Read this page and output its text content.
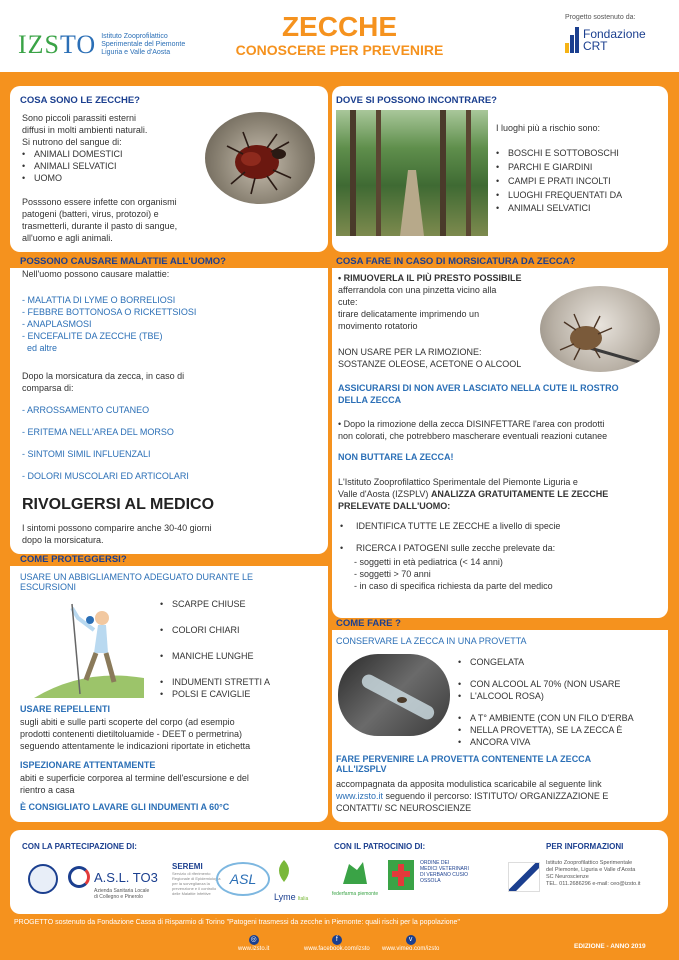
IZSTO Istituto Zooprofilattico
Sperimentale del Piemonte
Liguria e Valle d'Aosta
ZECCHE
CONOSCERE PER PREVENIRE
Progetto sostenuto da:
Fondazione
CRT
COSA SONO LE ZECCHE?
Sono piccoli parassiti esterni
diffusi in molti ambienti naturali.
Si nutrono del sangue di:
• ANIMALI DOMESTICI
• ANIMALI SELVATICI
• UOMO
Posssono essere infette con organismi
patogeni (batteri, virus, protozoi) e
trasmetterli, durante il pasto di sangue,
all'uomo e agli animali.
DOVE SI POSSONO INCONTRARE?
I luoghi più a rischio sono:
• BOSCHI E SOTTOBOSCHI
• PARCHI E GIARDINI
• CAMPI E PRATI INCOLTI
• LUOGHI FREQUENTATI DA
• ANIMALI SELVATICI
POSSONO CAUSARE MALATTIE ALL'UOMO?
Nell'uomo possono causare malattie:
- MALATTIA DI LYME O BORRELIOSI
- FEBBRE BOTTONOSA O RICKETTSIOSI
- ANAPLASMOSI
- ENCEFALITE DA ZECCHE (TBE)
ed altre
Dopo la morsicatura da zecca, in caso di
comparsa di:
- ARROSSAMENTO CUTANEO
- ERITEMA NELL'AREA DEL MORSO
- SINTOMI SIMIL INFLUENZALI
- DOLORI MUSCOLARI ED ARTICOLARI
RIVOLGERSI AL MEDICO
I sintomi possono comparire anche 30-40 giorni
dopo la morsicatura.
COSA FARE IN CASO DI MORSICATURA DA ZECCA?
• RIMUOVERLA IL PIÙ PRESTO POSSIBILE
afferrandola con una pinzetta vicino alla
cute:
tirare delicatamente imprimendo un
movimento rotatorio
NON USARE PER LA RIMOZIONE:
SOSTANZE OLEOSE, ACETONE O ALCOOL
ASSICURARSI DI NON AVER LASCIATO NELLA CUTE IL ROSTRO
DELLA ZECCA
• Dopo la rimozione della zecca DISINFETTARE l'area con prodotti
non colorati, che potrebbero mascherare eventuali reazioni cutanee
NON BUTTARE LA ZECCA!
L'Istituto Zooprofilattico Sperimentale del Piemonte Liguria e
Valle d'Aosta (IZSPLV) ANALIZZA GRATUITAMENTE LE ZECCHE
PRELEVATE DALL'UOMO:
• IDENTIFICA TUTTE LE ZECCHE a livello di specie
• RICERCA I PATOGENI sulle zecche prelevate da:
- soggetti in età pediatrica (< 14 anni)
- soggetti > 70 anni
- in caso di specifica richiesta da parte del medico
COME PROTEGGERSI?
USARE UN ABBIGLIAMENTO ADEGUATO DURANTE LE
ESCURSIONI
• SCARPE CHIUSE
• COLORI CHIARI
• MANICHE LUNGHE
• INDUMENTI STRETTI A
• POLSI E CAVIGLIE
USARE REPELLENTI
sugli abiti e sulle parti scoperte del corpo (ad esempio
prodotti contenenti dietiltoluamide - DEET o permetrina)
seguendo attentamente le indicazioni riportate in etichetta
ISPEZIONARE ATTENTAMENTE
abiti e superficie corporea al termine dell'escursione e del
rientro a casa
È CONSIGLIATO LAVARE GLI INDUMENTI A 60°C
COME FARE ?
CONSERVARE LA ZECCA IN UNA PROVETTA
• CONGELATA
• CON ALCOOL AL 70% (NON USARE
• L'ALCOOL ROSA)
• A T° AMBIENTE (CON UN FILO D'ERBA
• NELLA PROVETTA), SE LA ZECCA È
• ANCORA VIVA
FARE PERVENIRE LA PROVETTA CONTENENTE LA ZECCA
ALL'IZSPLV
accompagnata da apposita modulistica scaricabile al seguente link
www.izsto.it seguendo il percorso: ISTITUTO/ ORGANIZZAZIONE E
CONTATTI/ SC NEUROSCIENZE
CON LA PARTECIPAZIONE DI:	CON IL PATROCINIO DI:	PER INFORMAZIONI
A.S.L. TO3
Azienda Sanitaria Locale
di Collegno e Pinerolo
SEREMI
Servizio di riferimento
Regionale di Epidemiologia
per la sorveglianza la
prevenzione e il controllo
delle Malattie Infettive
ASL
Lyme Italia
federfarma piemonte
ORDINE DEI
MEDICI VETERINARI
DI VERBANO CUSIO
OSSOLA
Istituto Zooprofilattico Sperimentale
del Piemonte, Liguria e Valle d'Aosta
SC Neuroscienze
TEL. 011.2686296 e-mail: ceo@izsto.it
PROGETTO sostenuto da Fondazione Cassa di Risparmio di Torino "Patogeni trasmessi da zecche in Piemonte: quali rischi per la popolazione"
◎
www.izsto.it
f
www.facebook.com/izsto
v
www.vimeo.com/izsto	EDIZIONE - ANNO 2019
